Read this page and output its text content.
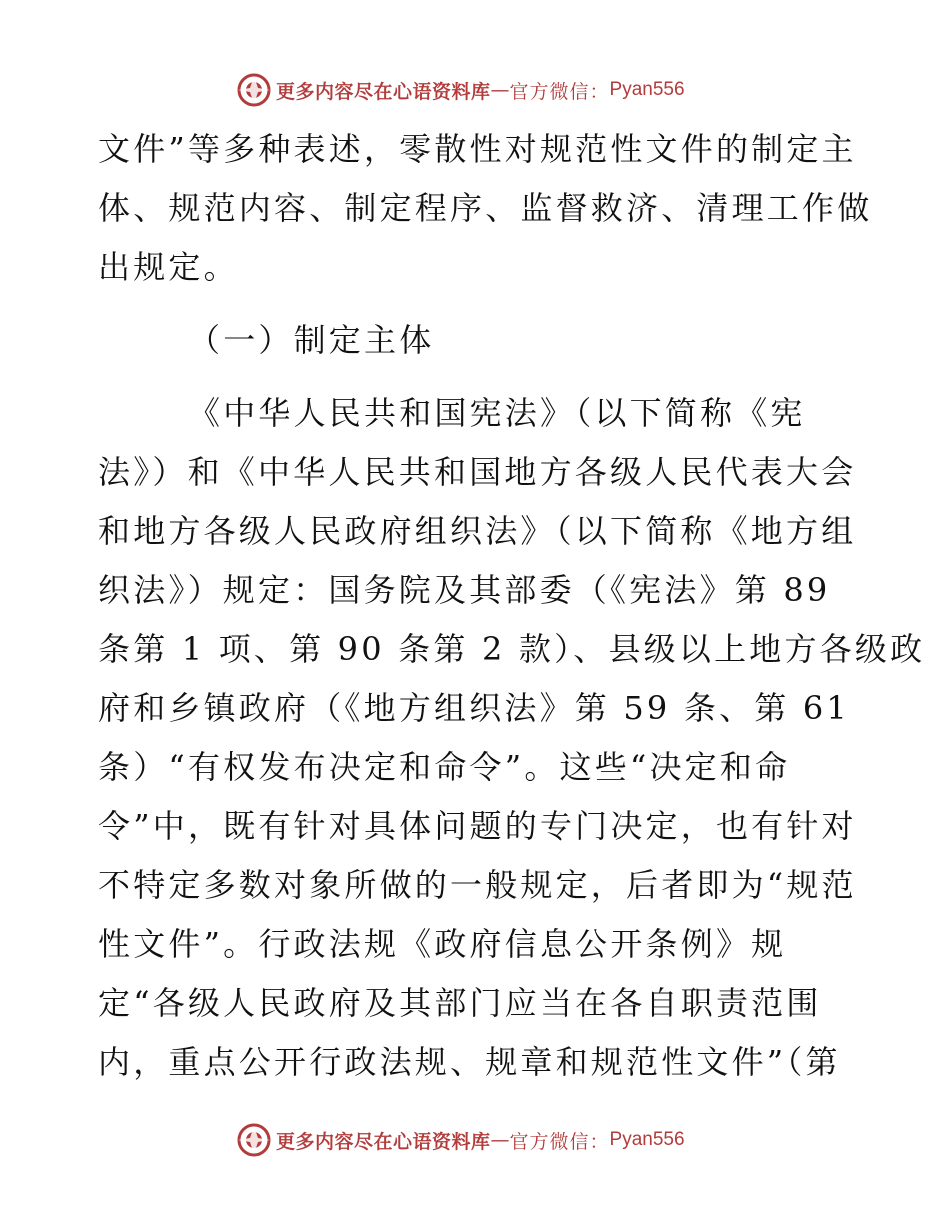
更多内容尽在心语资料库 — 官方微信： Pyan556
文件”等多种表述，零散性对规范性文件的制定主
体、规范内容、制定程序、监督救济、清理工作做
出规定。
（一）制定主体
《中华人民共和国宪法》（以下简称《宪
法》）和《中华人民共和国地方各级人民代表大会
和地方各级人民政府组织法》（以下简称《地方组
织法》）规定：国务院及其部委（《宪法》第 89
条第 1 项、第 90 条第 2 款）、县级以上地方各级政
府和乡镇政府（《地方组织法》第 59 条、第 61
条）“有权发布决定和命令”。这些“决定和命
令”中，既有针对具体问题的专门决定，也有针对
不特定多数对象所做的一般规定，后者即为“规范
性文件”。行政法规《政府信息公开条例》规
定“各级人民政府及其部门应当在各自职责范围
内，重点公开行政法规、规章和规范性文件”（第
更多内容尽在心语资料库 — 官方微信： Pyan556
